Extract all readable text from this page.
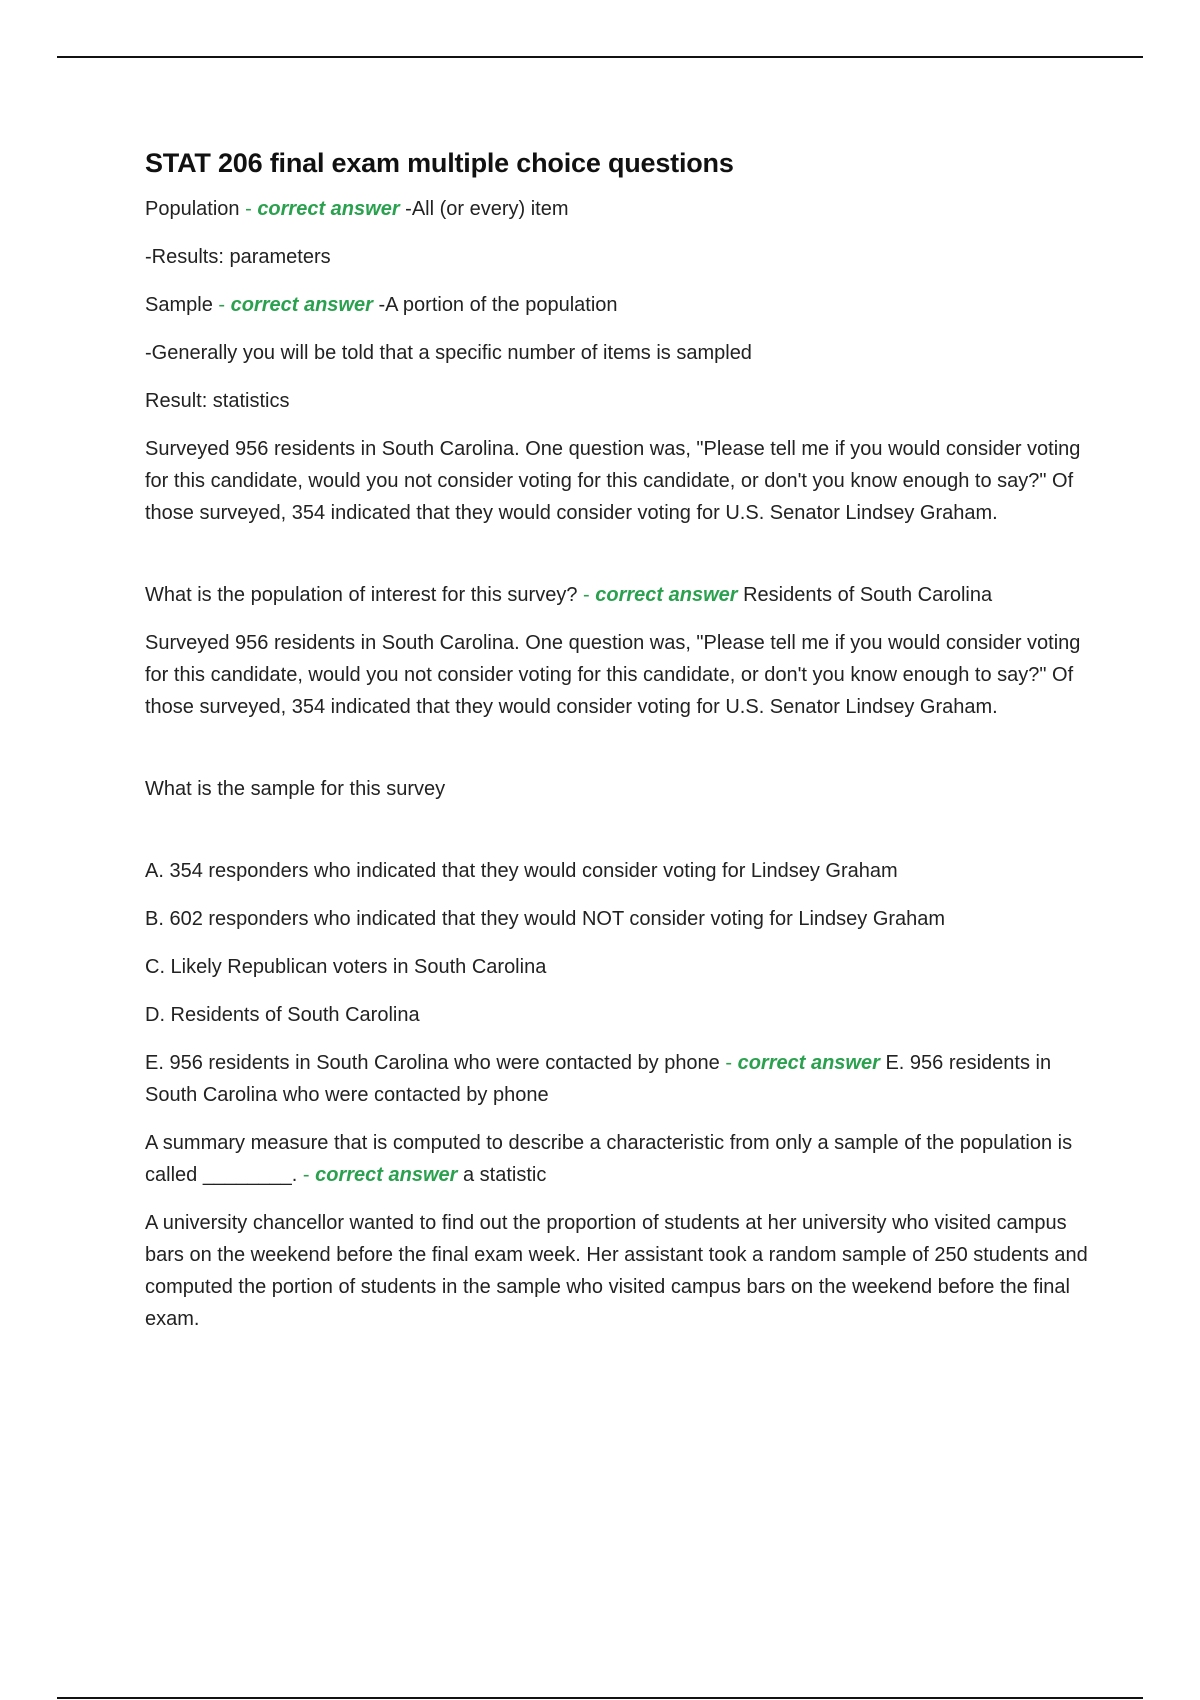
STAT 206 final exam multiple choice questions

Population - correct answer -All (or every) item

-Results: parameters

Sample - correct answer -A portion of the population

-Generally you will be told that a specific number of items is sampled

Result: statistics

Surveyed 956 residents in South Carolina. One question was, "Please tell me if you would consider voting for this candidate, would you not consider voting for this candidate, or don't you know enough to say?" Of those surveyed, 354 indicated that they would consider voting for U.S. Senator Lindsey Graham.

What is the population of interest for this survey? - correct answer Residents of South Carolina

Surveyed 956 residents in South Carolina. One question was, "Please tell me if you would consider voting for this candidate, would you not consider voting for this candidate, or don't you know enough to say?" Of those surveyed, 354 indicated that they would consider voting for U.S. Senator Lindsey Graham.

What is the sample for this survey

A. 354 responders who indicated that they would consider voting for Lindsey Graham

B. 602 responders who indicated that they would NOT consider voting for Lindsey Graham

C. Likely Republican voters in South Carolina

D. Residents of South Carolina

E. 956 residents in South Carolina who were contacted by phone - correct answer E. 956 residents in South Carolina who were contacted by phone

A summary measure that is computed to describe a characteristic from only a sample of the population is called ________. - correct answer a statistic

A university chancellor wanted to find out the proportion of students at her university who visited campus bars on the weekend before the final exam week. Her assistant took a random sample of 250 students and computed the portion of students in the sample who visited campus bars on the weekend before the final exam.
